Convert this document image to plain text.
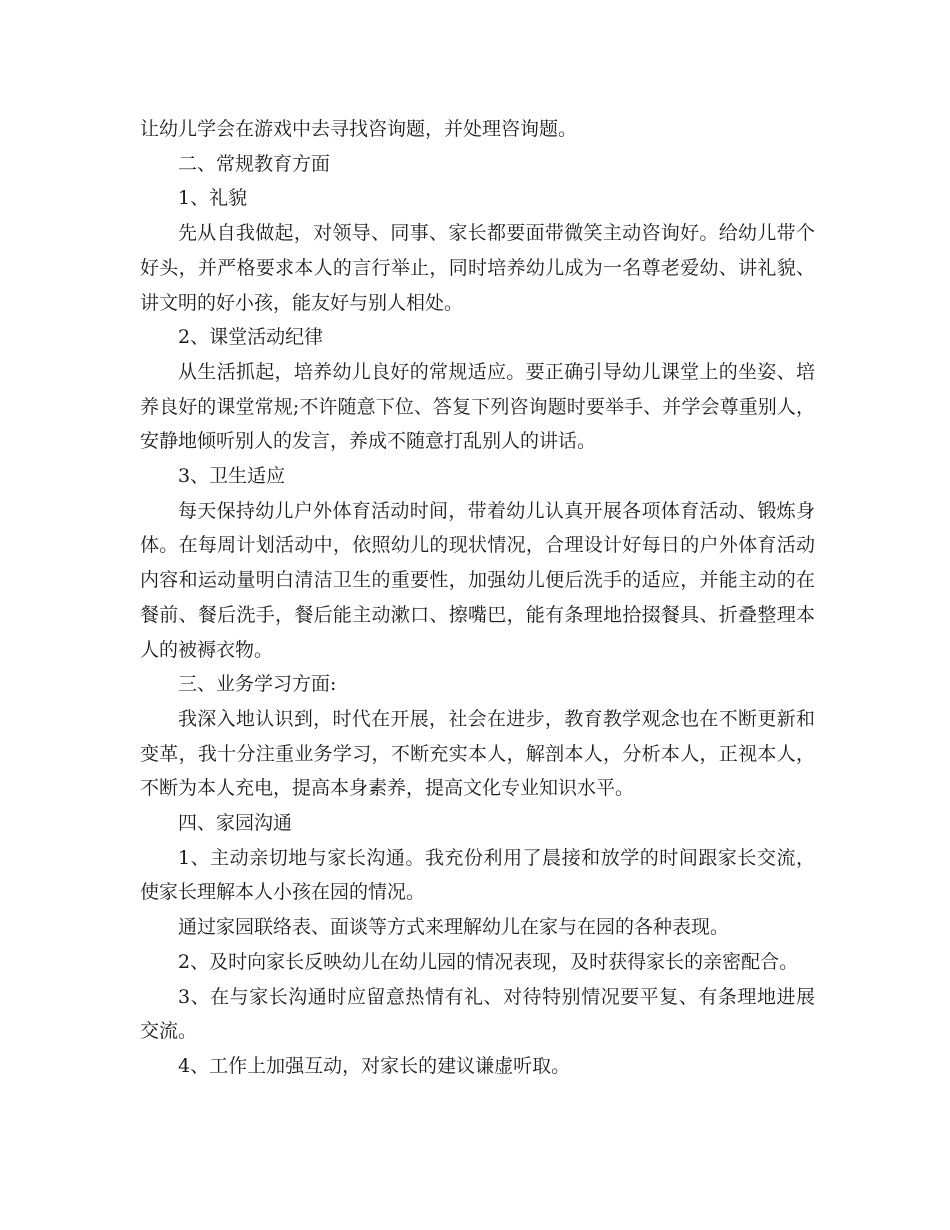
让幼儿学会在游戏中去寻找咨询题，并处理咨询题。

二、常规教育方面

1、礼貌

先从自我做起，对领导、同事、家长都要面带微笑主动咨询好。给幼儿带个好头，并严格要求本人的言行举止，同时培养幼儿成为一名尊老爱幼、讲礼貌、讲文明的好小孩，能友好与别人相处。

2、课堂活动纪律

从生活抓起，培养幼儿良好的常规适应。要正确引导幼儿课堂上的坐姿、培养良好的课堂常规;不许随意下位、答复下列咨询题时要举手、并学会尊重别人，安静地倾听别人的发言，养成不随意打乱别人的讲话。

3、卫生适应

每天保持幼儿户外体育活动时间，带着幼儿认真开展各项体育活动、锻炼身体。在每周计划活动中，依照幼儿的现状情况，合理设计好每日的户外体育活动内容和运动量明白清洁卫生的重要性，加强幼儿便后洗手的适应，并能主动的在餐前、餐后洗手，餐后能主动漱口、擦嘴巴，能有条理地拾掇餐具、折叠整理本人的被褥衣物。

三、业务学习方面:

我深入地认识到，时代在开展，社会在进步，教育教学观念也在不断更新和变革，我十分注重业务学习，不断充实本人，解剖本人，分析本人，正视本人，不断为本人充电，提高本身素养，提高文化专业知识水平。

四、家园沟通

1、主动亲切地与家长沟通。我充份利用了晨接和放学的时间跟家长交流，使家长理解本人小孩在园的情况。

通过家园联络表、面谈等方式来理解幼儿在家与在园的各种表现。

2、及时向家长反映幼儿在幼儿园的情况表现，及时获得家长的亲密配合。

3、在与家长沟通时应留意热情有礼、对待特别情况要平复、有条理地进展交流。

4、工作上加强互动，对家长的建议谦虚听取。
